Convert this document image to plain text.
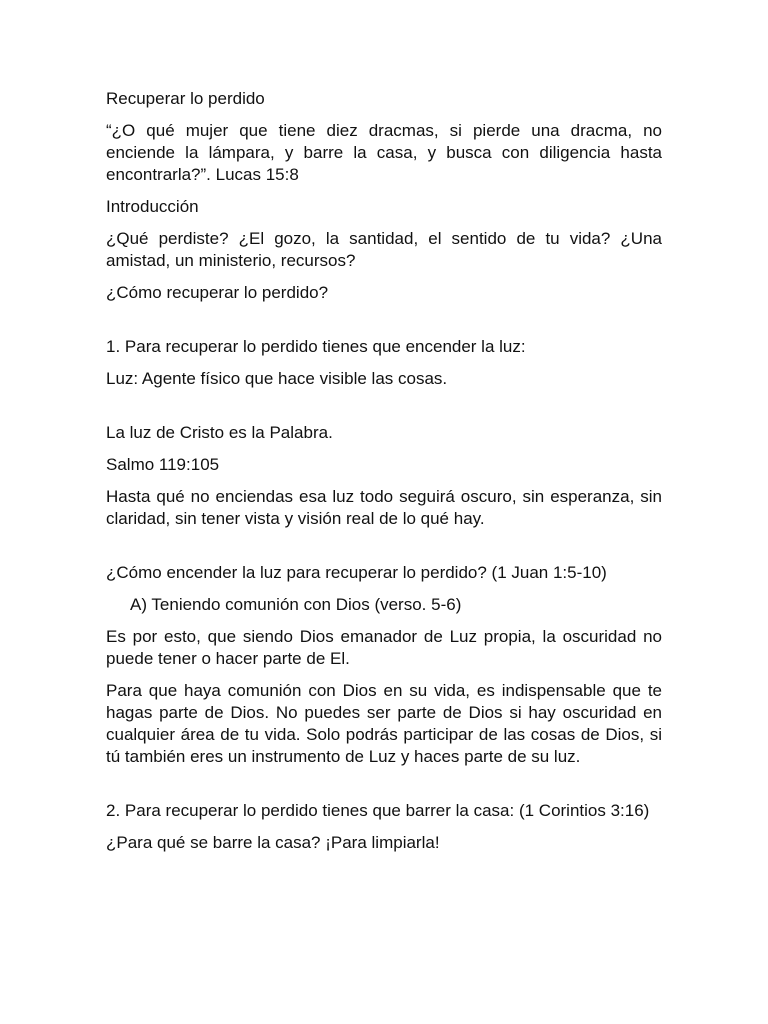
Recuperar lo perdido

“¿O qué mujer que tiene diez dracmas, si pierde una dracma, no enciende la lámpara, y barre la casa, y busca con diligencia hasta encontrarla?”. Lucas 15:8

Introducción

¿Qué perdiste? ¿El gozo, la santidad, el sentido de tu vida? ¿Una amistad, un ministerio, recursos?

¿Cómo recuperar lo perdido?

1. Para recuperar lo perdido tienes que encender la luz:

Luz: Agente físico que hace visible las cosas.

La luz de Cristo es la Palabra.

Salmo 119:105

Hasta qué no enciendas esa luz todo seguirá oscuro, sin esperanza, sin claridad, sin tener vista y visión real de lo qué hay.

¿Cómo encender la luz para recuperar lo perdido? (1 Juan 1:5-10)

A) Teniendo comunión con Dios (verso. 5-6)

Es por esto, que siendo Dios emanador de Luz propia, la oscuridad no puede tener o hacer parte de El.

Para que haya comunión con Dios en su vida, es indispensable que te hagas parte de Dios. No puedes ser parte de Dios si hay oscuridad en cualquier área de tu vida. Solo podrás participar de las cosas de Dios, si tú también eres un instrumento de Luz y haces parte de su luz.

2. Para recuperar lo perdido tienes que barrer la casa: (1 Corintios 3:16)

¿Para qué se barre la casa? ¡Para limpiarla!
